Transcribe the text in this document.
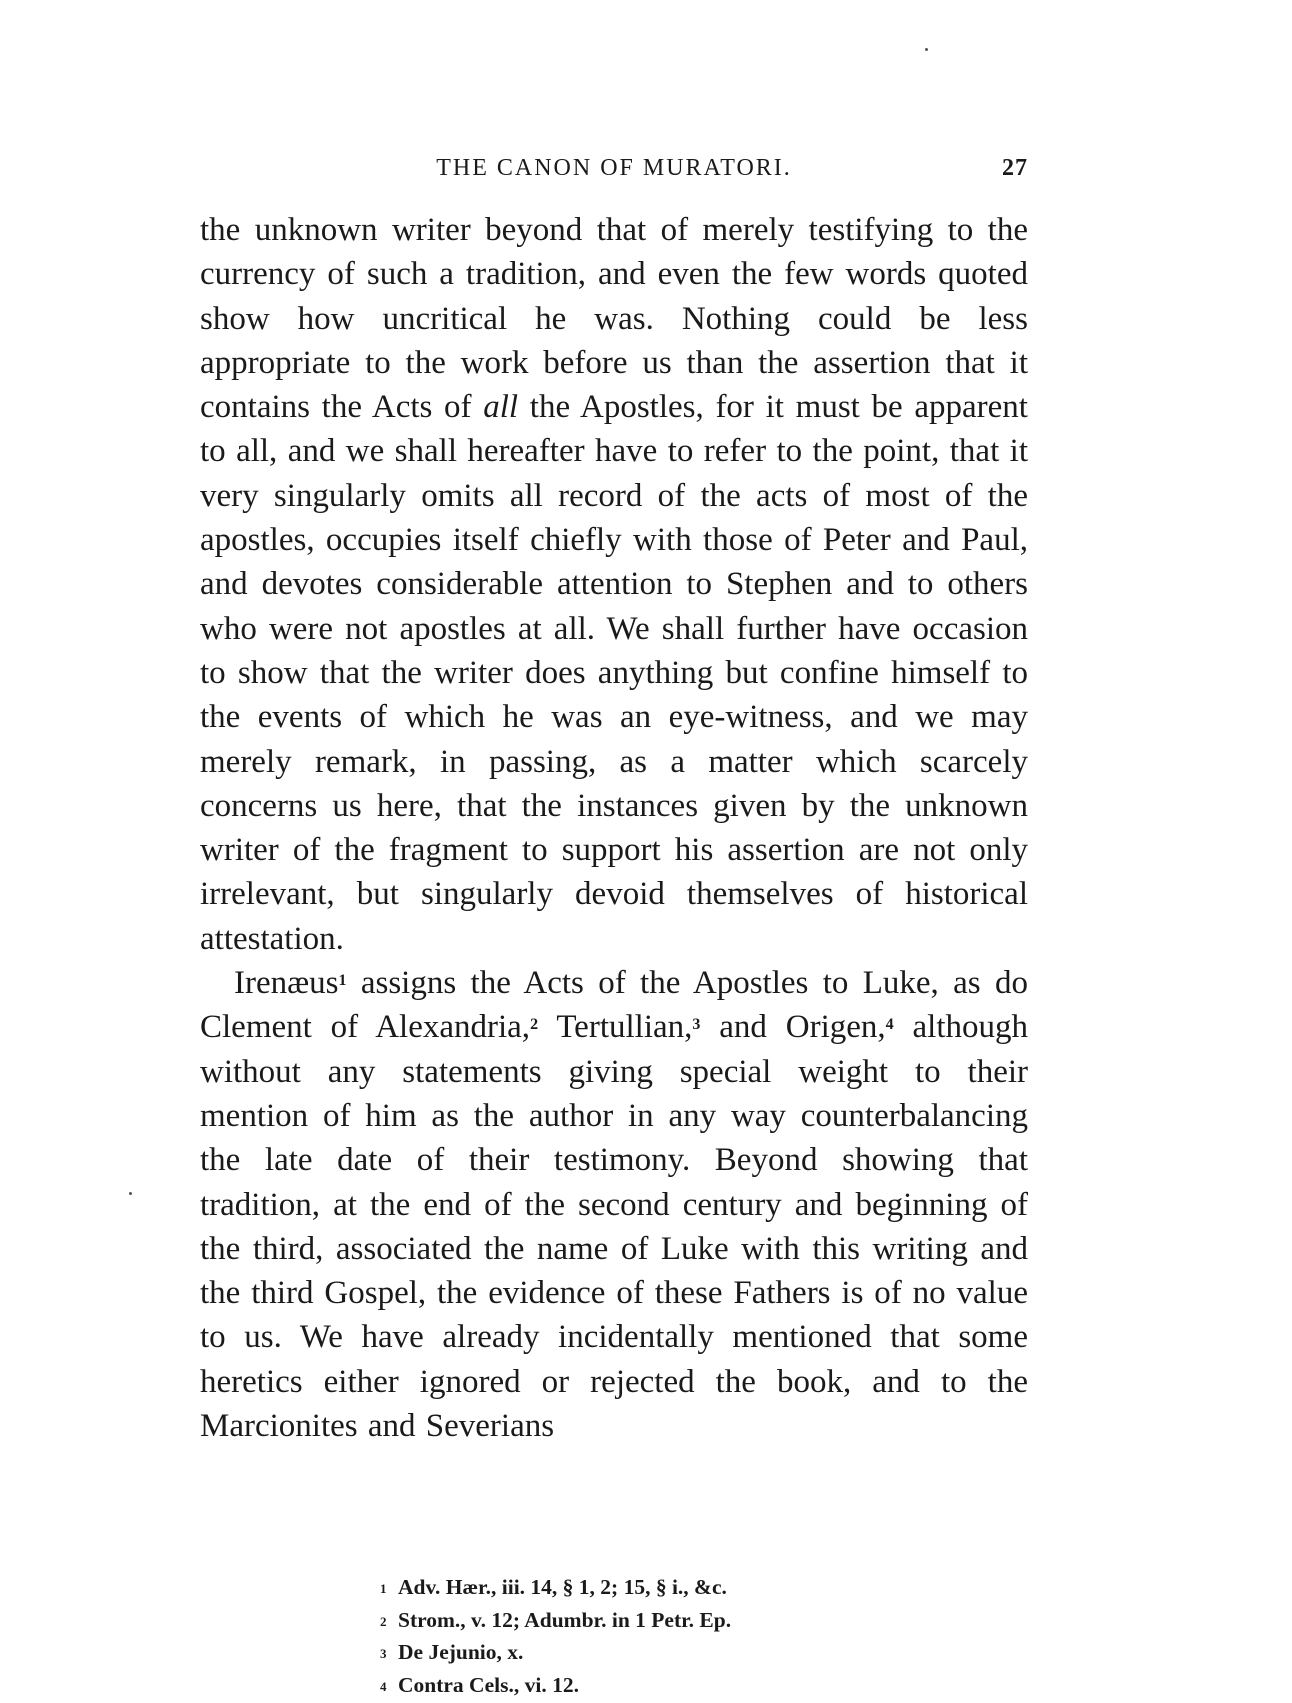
THE CANON OF MURATORI.	27

the unknown writer beyond that of merely testifying to the currency of such a tradition, and even the few words quoted show how uncritical he was. Nothing could be less appropriate to the work before us than the assertion that it contains the Acts of all the Apostles, for it must be apparent to all, and we shall hereafter have to refer to the point, that it very singularly omits all record of the acts of most of the apostles, occupies itself chiefly with those of Peter and Paul, and devotes considerable attention to Stephen and to others who were not apostles at all. We shall further have occasion to show that the writer does anything but confine himself to the events of which he was an eye-witness, and we may merely remark, in passing, as a matter which scarcely concerns us here, that the instances given by the unknown writer of the fragment to support his assertion are not only irrelevant, but singularly devoid themselves of historical attestation.

Irenæus$^1$ assigns the Acts of the Apostles to Luke, as do Clement of Alexandria,$^2$ Tertullian,$^3$ and Origen,$^4$ although without any statements giving special weight to their mention of him as the author in any way counterbalancing the late date of their testimony. Beyond showing that tradition, at the end of the second century and beginning of the third, associated the name of Luke with this writing and the third Gospel, the evidence of these Fathers is of no value to us. We have already incidentally mentioned that some heretics either ignored or rejected the book, and to the Marcionites and Severians

1 Adv. Hær., iii. 14, § 1, 2; 15, § i., &c.
2 Strom., v. 12; Adumbr. in 1 Petr. Ep.
3 De Jejunio, x.
4 Contra Cels., vi. 12.
